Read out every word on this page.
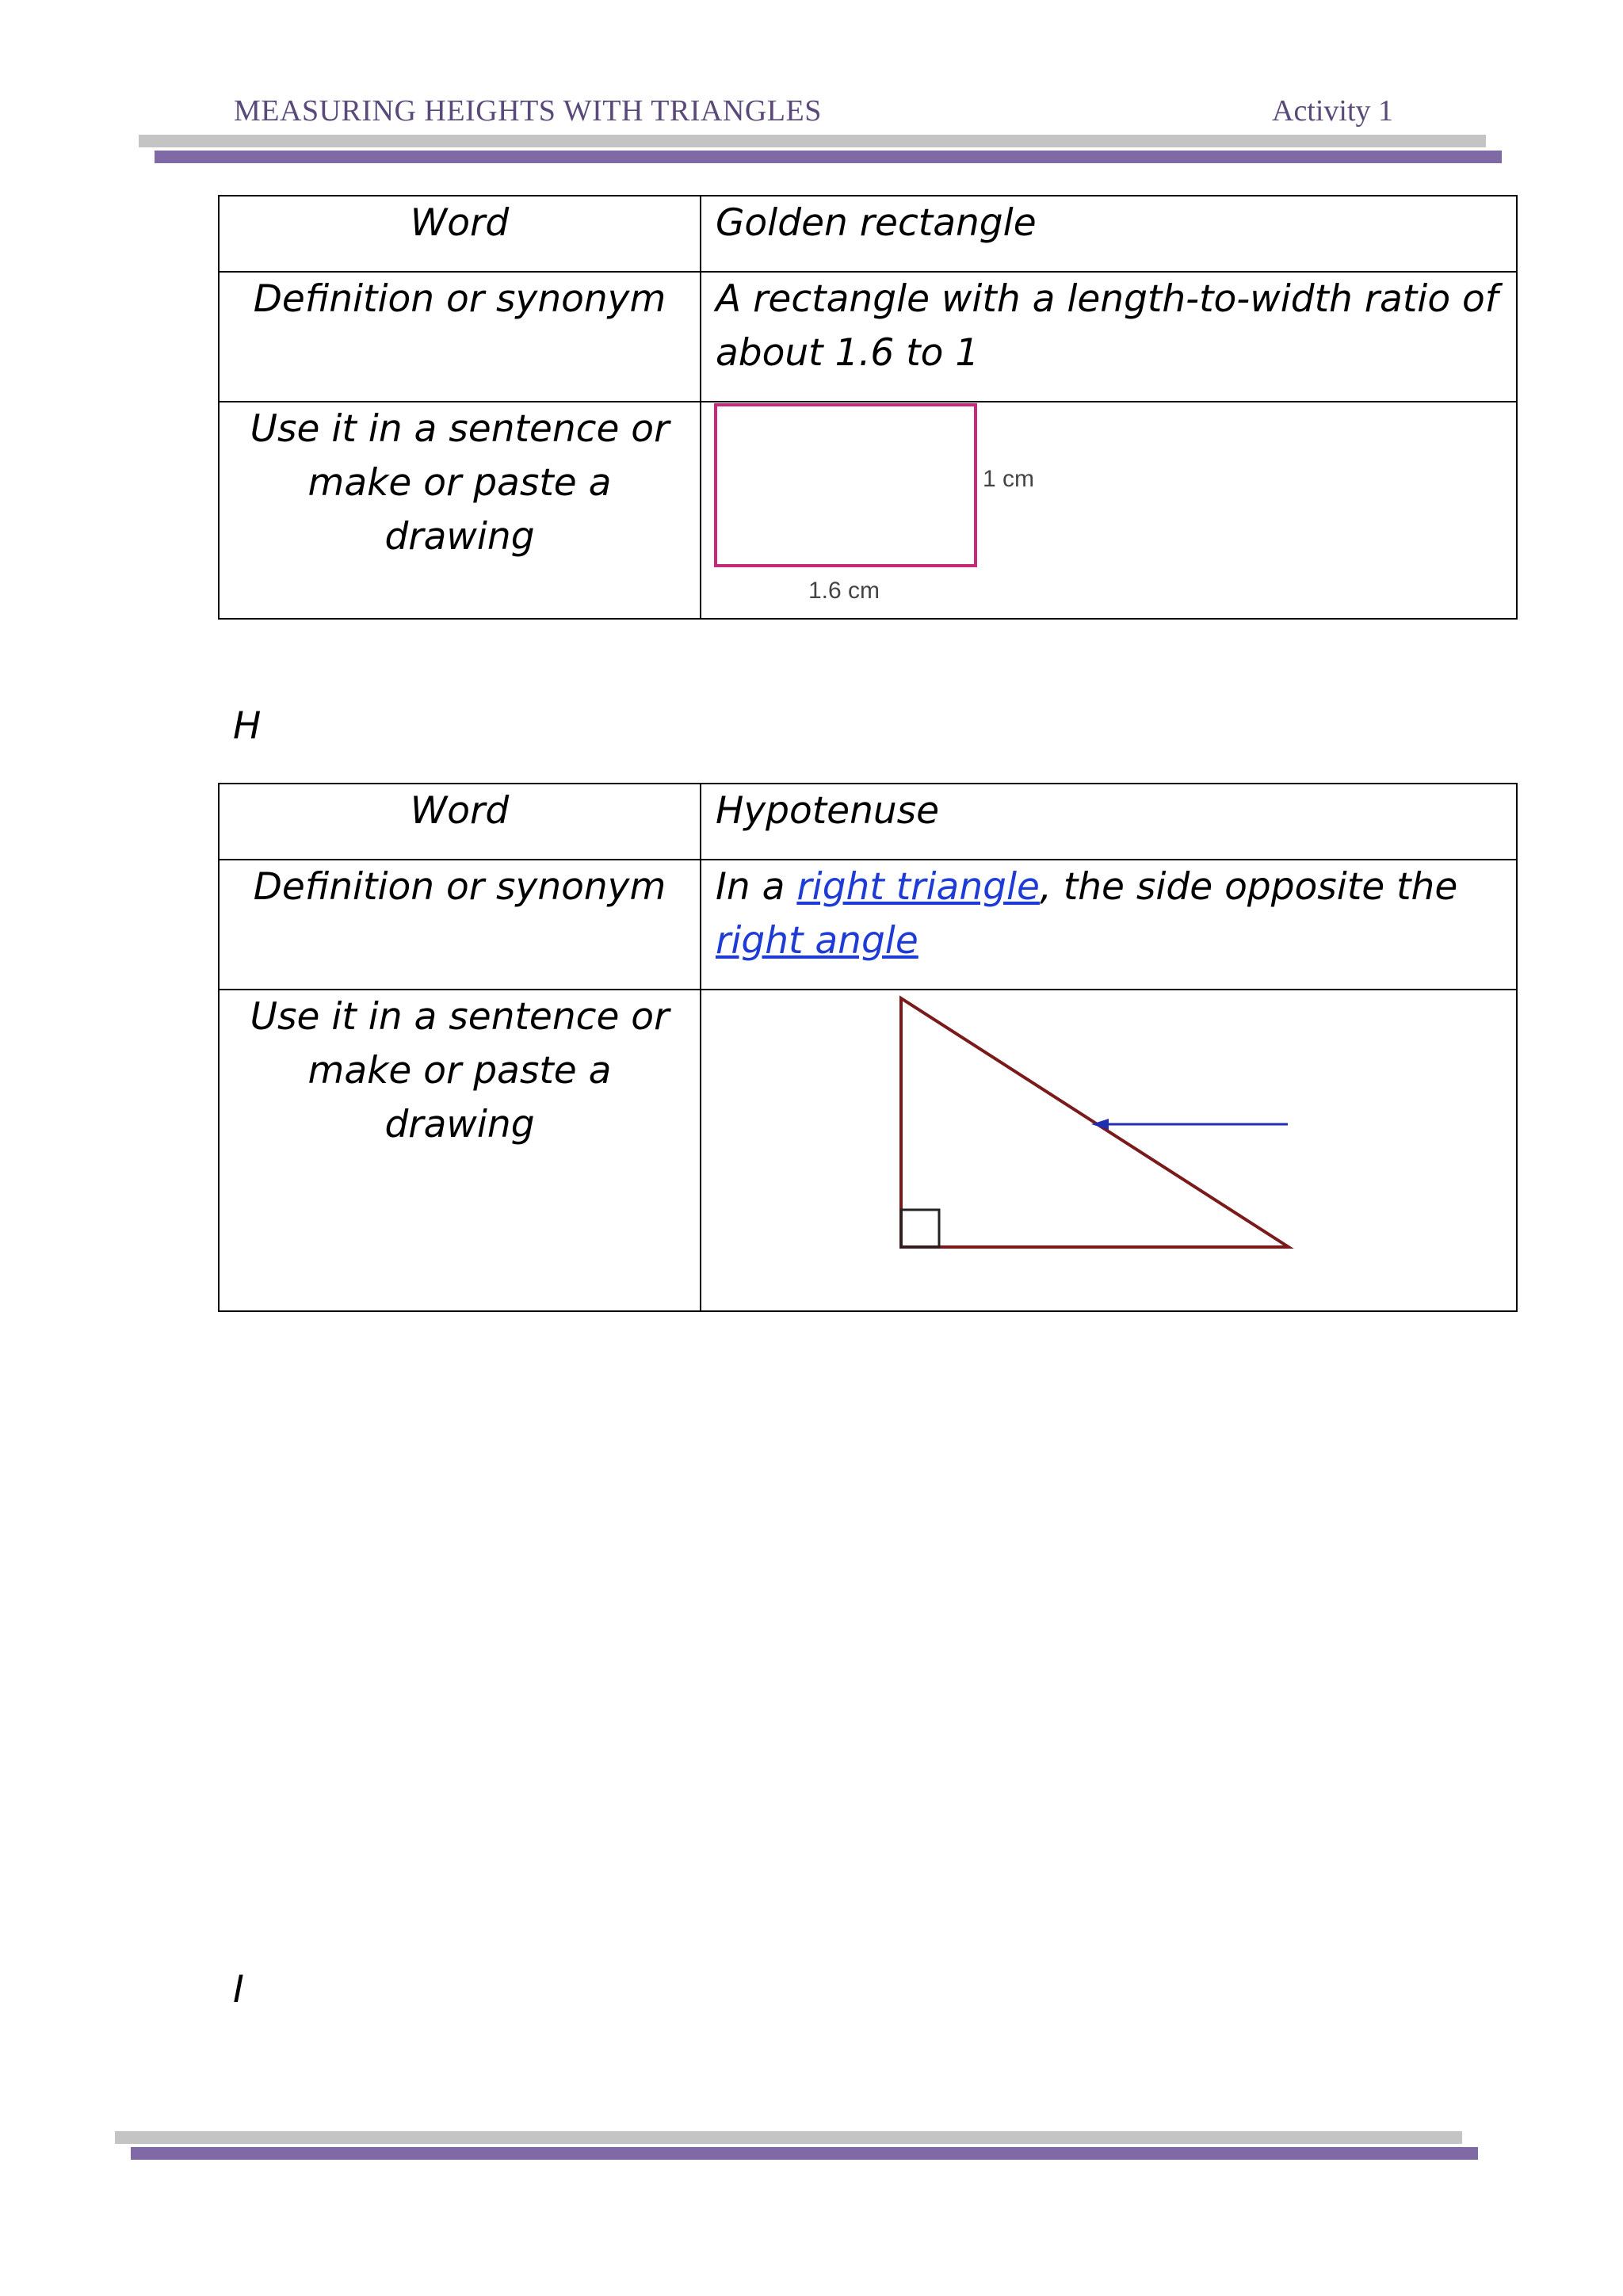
MEASURING HEIGHTS WITH TRIANGLES	Activity 1
Word	Golden rectangle
Definition or synonym	A rectangle with a length-to-width ratio of about 1.6 to 1
Use it in a sentence or make or paste a drawing	1 cm
1.6 cm
H
Word	Hypotenuse
Definition or synonym	In a right triangle, the side opposite the right angle
Use it in a sentence or make or paste a drawing	
I
